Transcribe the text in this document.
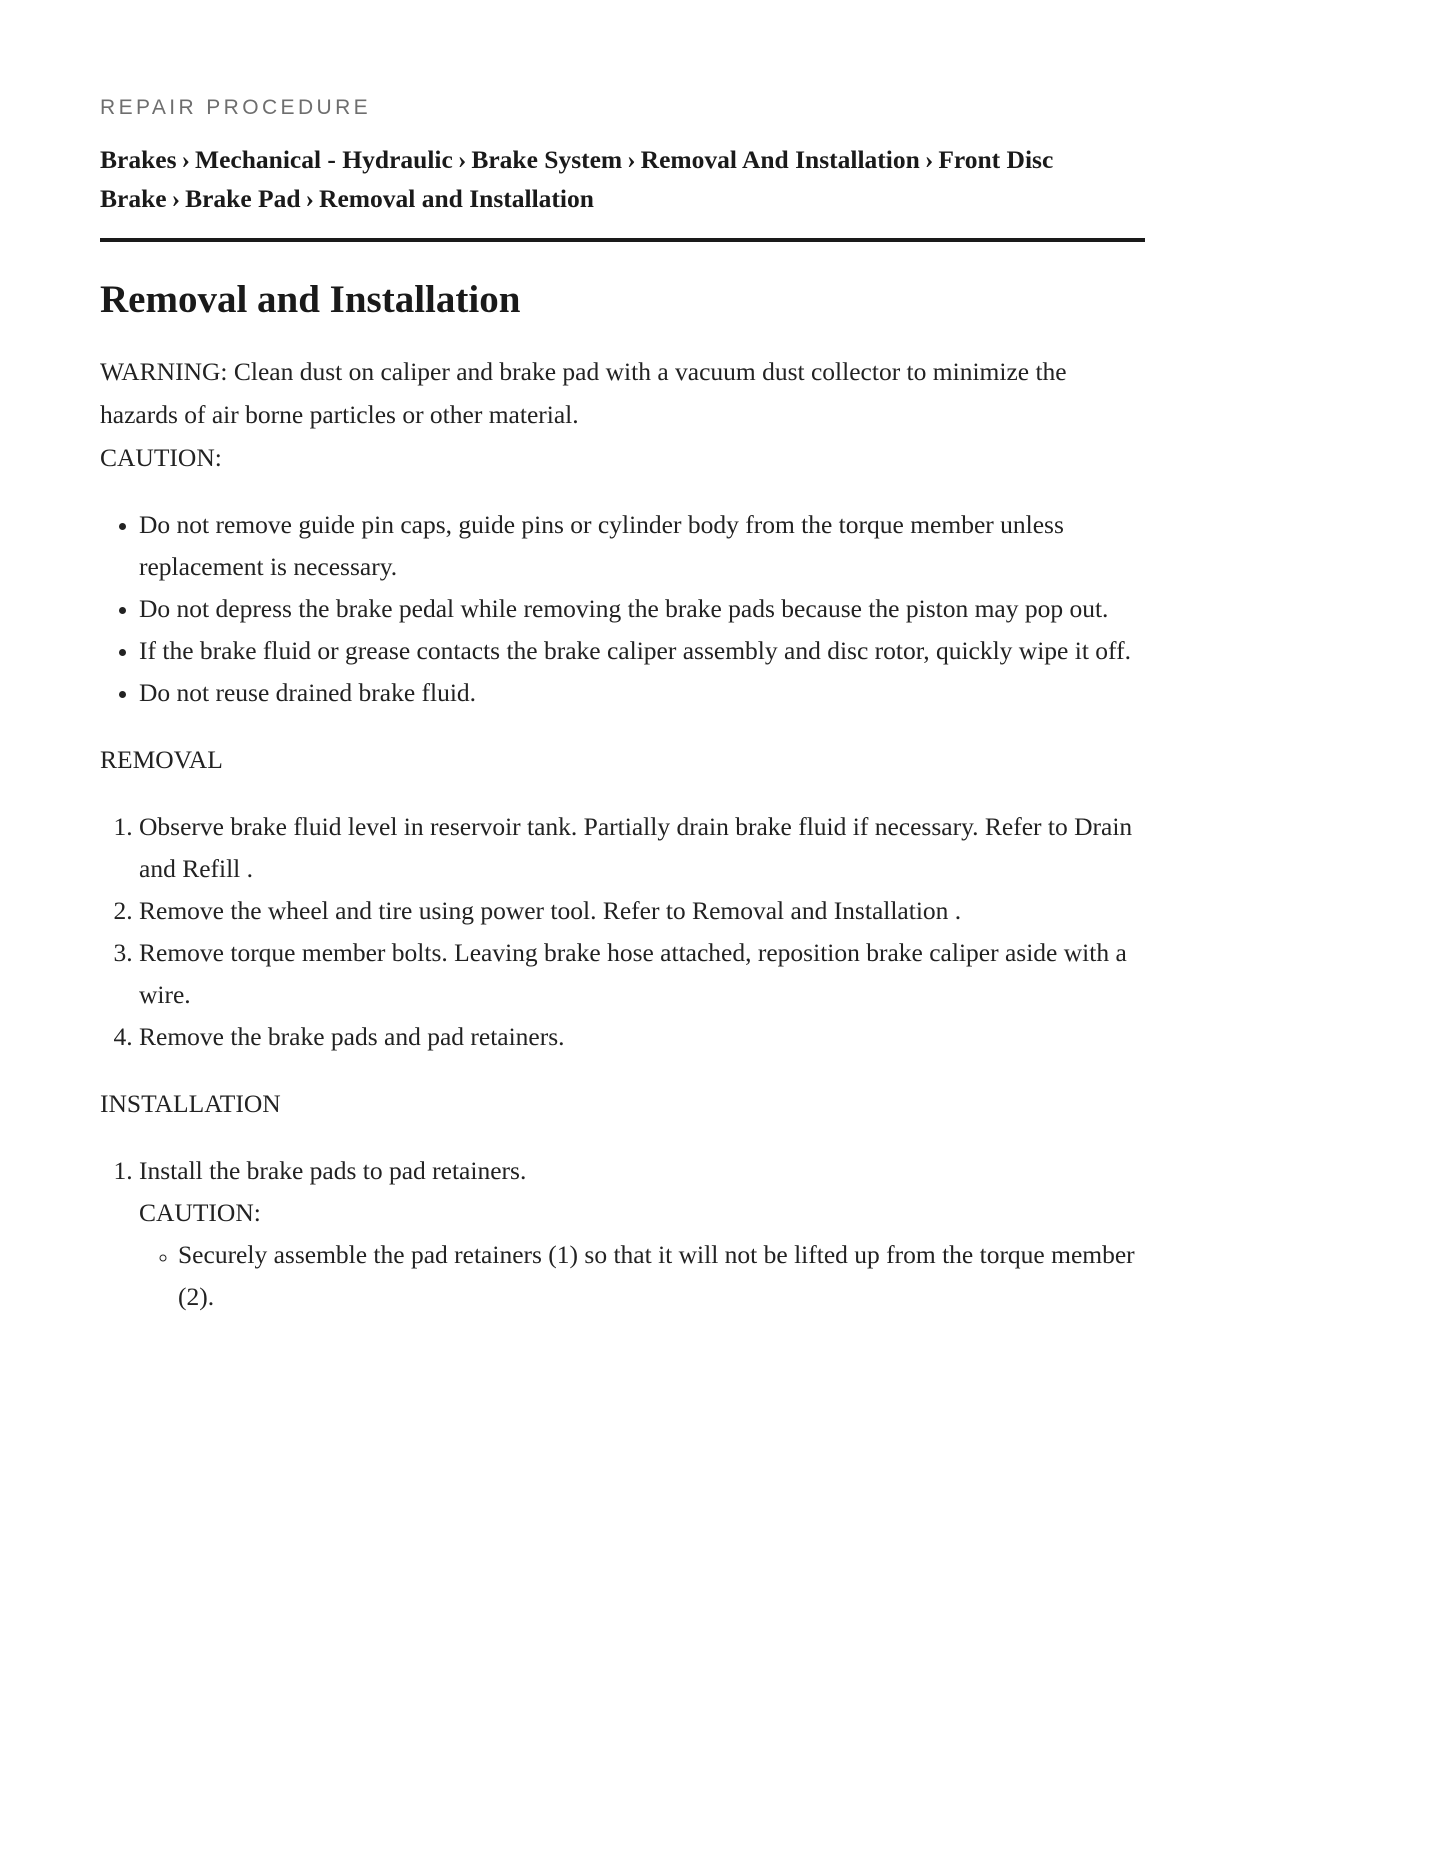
REPAIR PROCEDURE
Brakes › Mechanical - Hydraulic › Brake System › Removal And Installation › Front Disc Brake › Brake Pad › Removal and Installation
Removal and Installation

WARNING: Clean dust on caliper and brake pad with a vacuum dust collector to minimize the hazards of air borne particles or other material.

CAUTION:

• Do not remove guide pin caps, guide pins or cylinder body from the torque member unless replacement is necessary.
• Do not depress the brake pedal while removing the brake pads because the piston may pop out.
• If the brake fluid or grease contacts the brake caliper assembly and disc rotor, quickly wipe it off.
• Do not reuse drained brake fluid.

REMOVAL

1. Observe brake fluid level in reservoir tank. Partially drain brake fluid if necessary. Refer to Drain and Refill .
2. Remove the wheel and tire using power tool. Refer to Removal and Installation .
3. Remove torque member bolts. Leaving brake hose attached, reposition brake caliper aside with a wire.
4. Remove the brake pads and pad retainers.

INSTALLATION

1. Install the brake pads to pad retainers.
CAUTION:
◦ Securely assemble the pad retainers (1) so that it will not be lifted up from the torque member (2).
